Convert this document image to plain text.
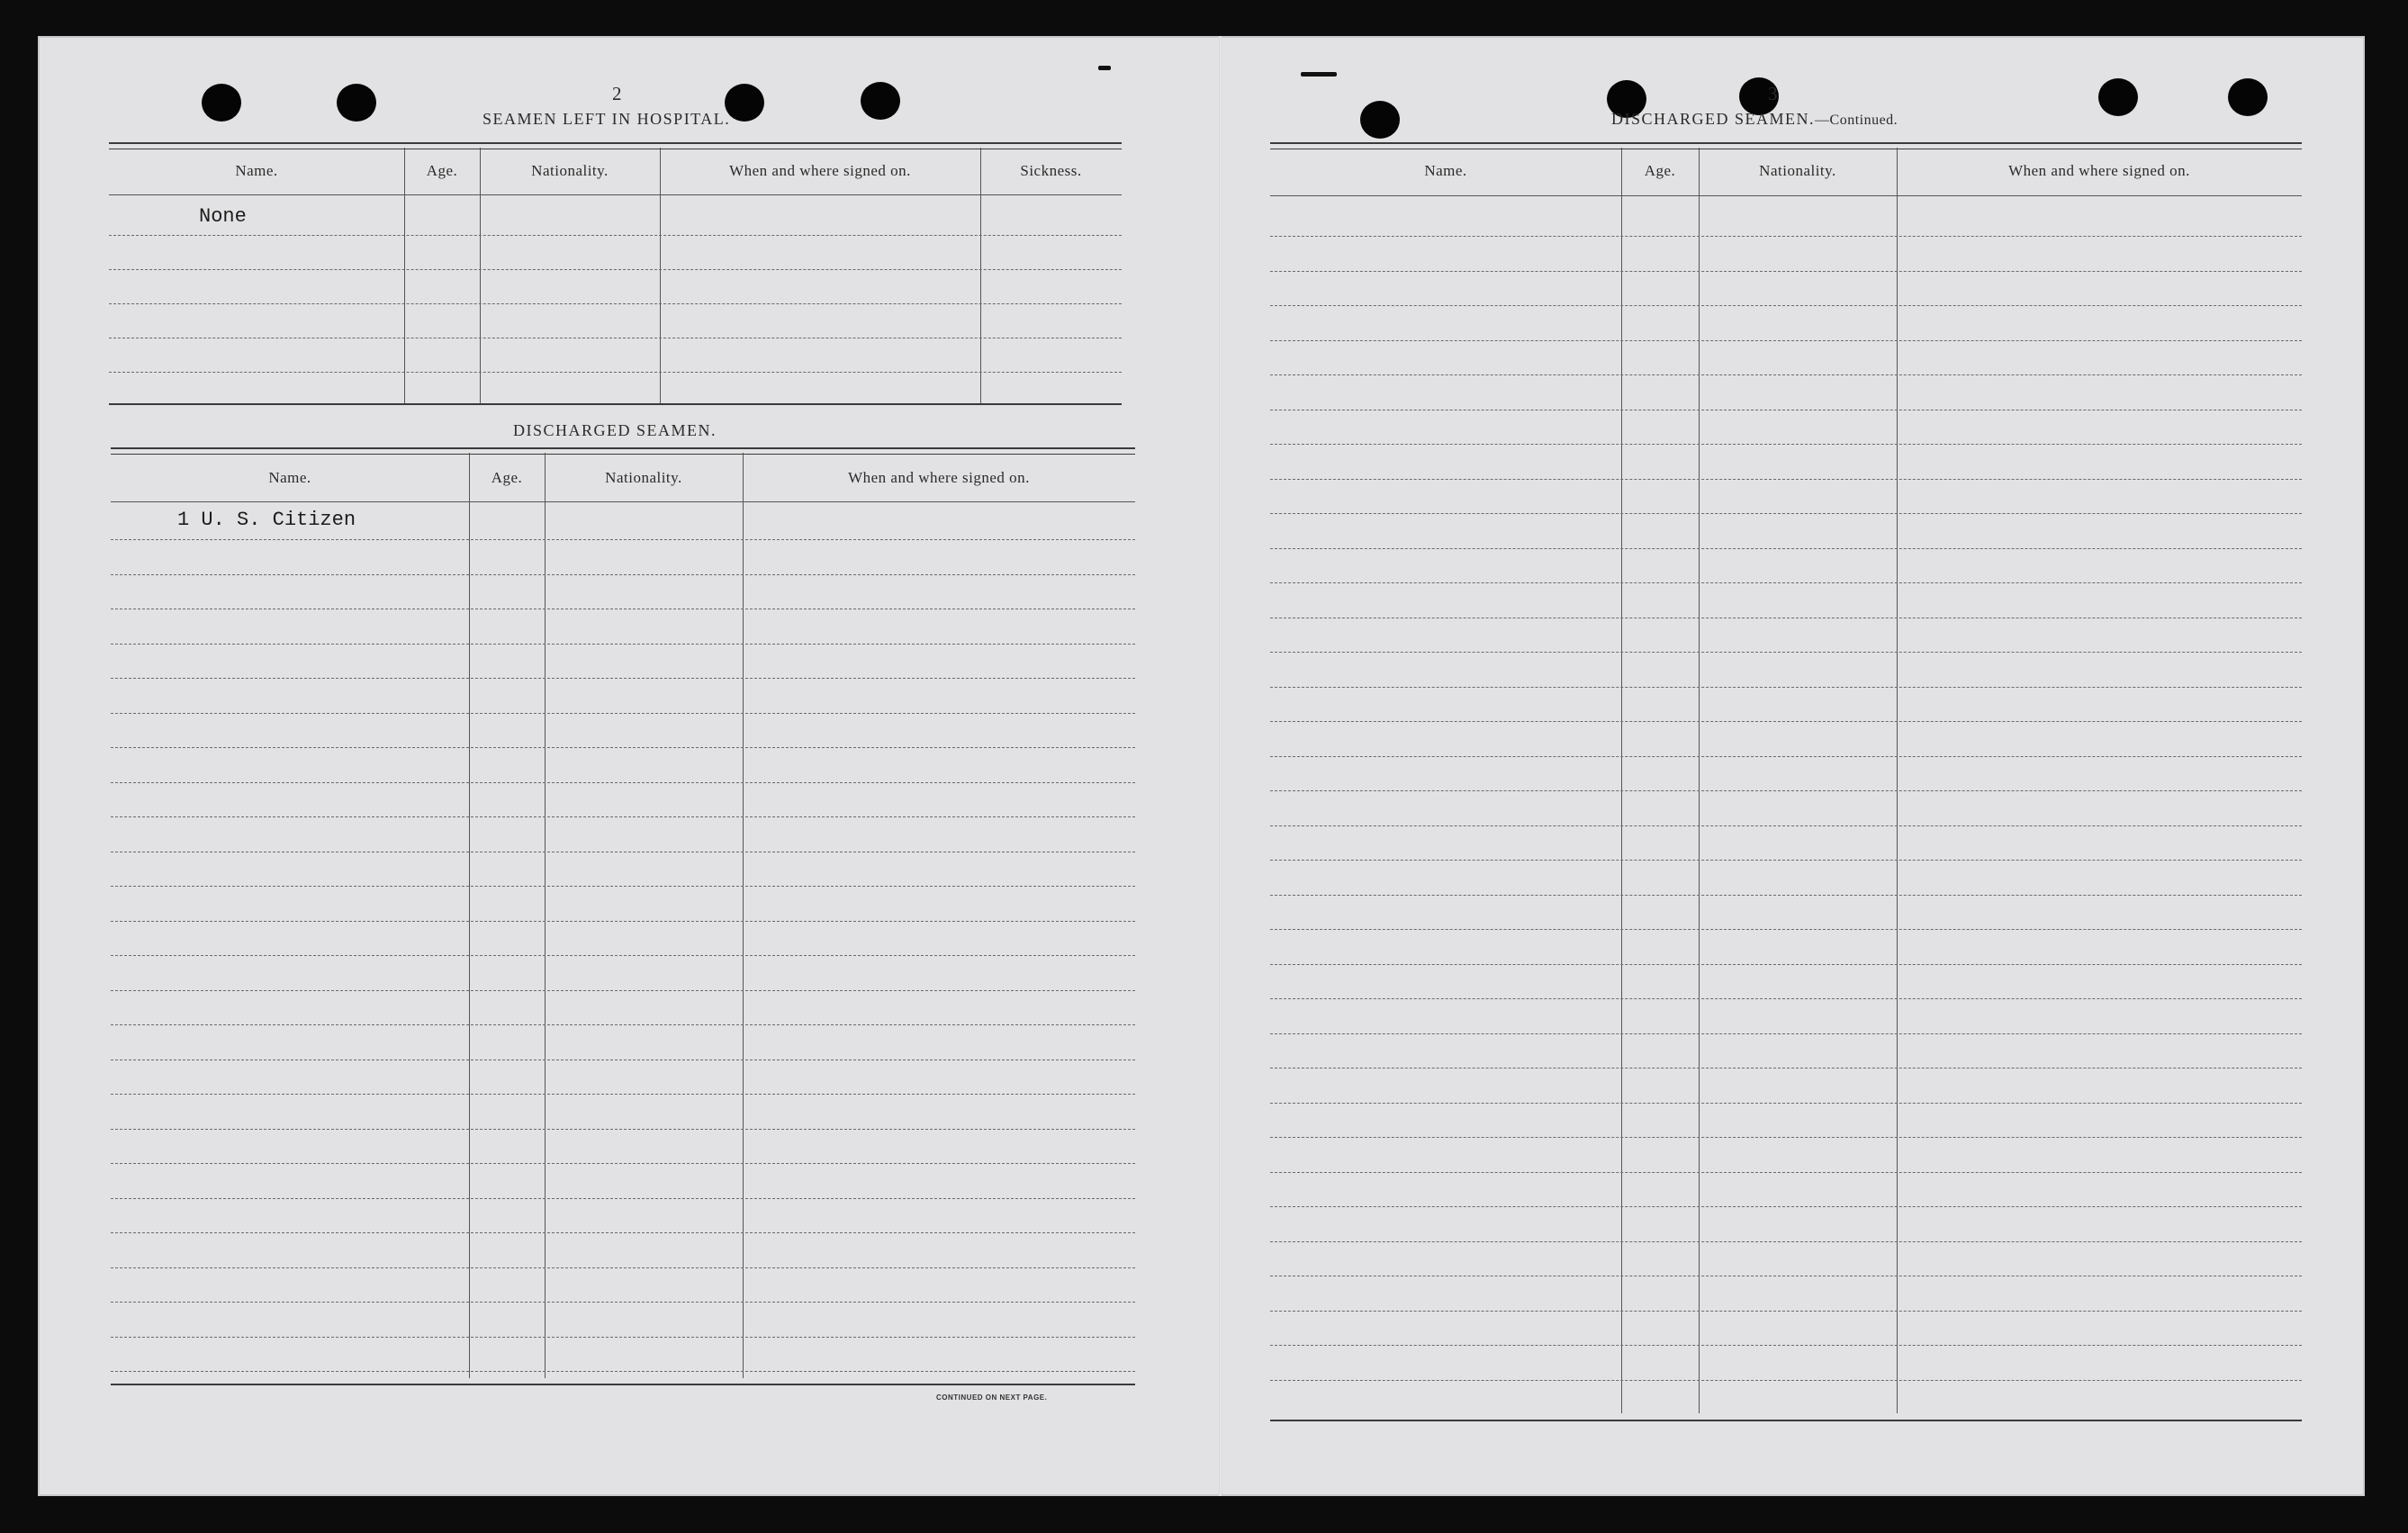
2
SEAMEN LEFT IN HOSPITAL.
Name.	Age.	Nationality.	When and where signed on.	Sickness.
None
DISCHARGED SEAMEN.
Name.	Age.	Nationality.	When and where signed on.
1 U. S. Citizen
CONTINUED ON NEXT PAGE.
3
DISCHARGED SEAMEN.—Continued.
Name.	Age.	Nationality.	When and where signed on.
